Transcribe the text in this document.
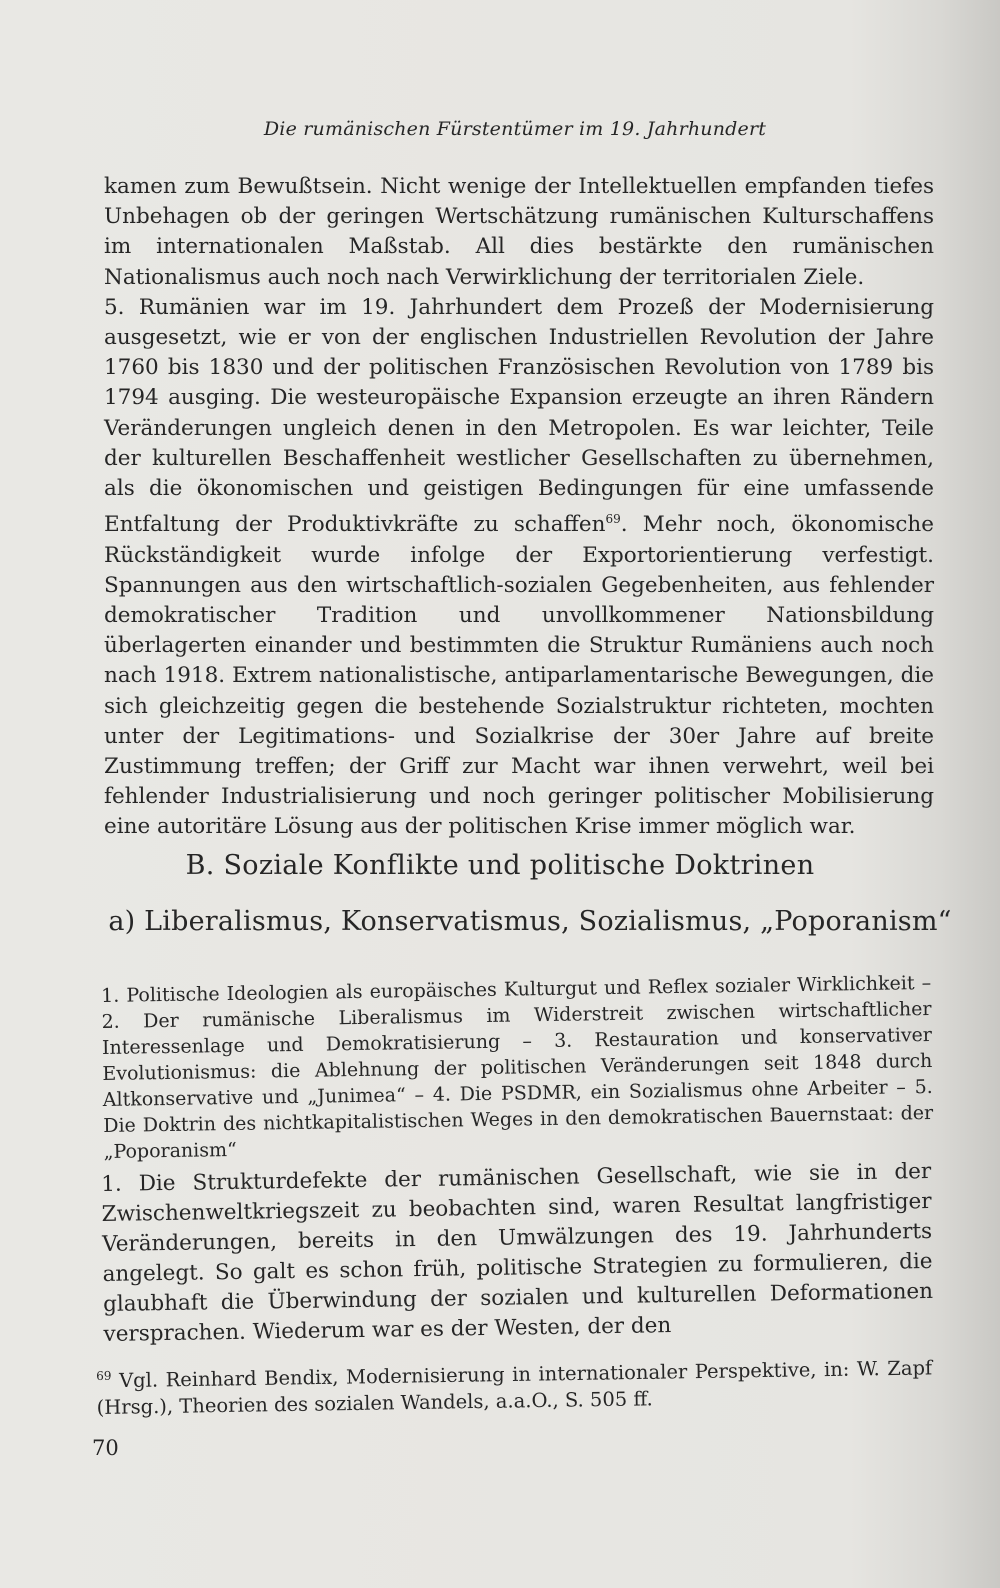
Die rumänischen Fürstentümer im 19. Jahrhundert

kamen zum Bewußtsein. Nicht wenige der Intellektuellen empfanden tiefes Unbehagen ob der geringen Wertschätzung rumänischen Kulturschaffens im internationalen Maßstab. All dies bestärkte den rumänischen Nationalismus auch noch nach Verwirklichung der territorialen Ziele.

5. Rumänien war im 19. Jahrhundert dem Prozeß der Modernisierung ausgesetzt, wie er von der englischen Industriellen Revolution der Jahre 1760 bis 1830 und der politischen Französischen Revolution von 1789 bis 1794 ausging. Die westeuropäische Expansion erzeugte an ihren Rändern Veränderungen ungleich denen in den Metropolen. Es war leichter, Teile der kulturellen Beschaffenheit westlicher Gesellschaften zu übernehmen, als die ökonomischen und geistigen Bedingungen für eine umfassende Entfaltung der Produktivkräfte zu schaffen$^{69}$. Mehr noch, ökonomische Rückständigkeit wurde infolge der Exportorientierung verfestigt. Spannungen aus den wirtschaftlich-sozialen Gegebenheiten, aus fehlender demokratischer Tradition und unvollkommener Nationsbildung überlagerten einander und bestimmten die Struktur Rumäniens auch noch nach 1918. Extrem nationalistische, antiparlamentarische Bewegungen, die sich gleichzeitig gegen die bestehende Sozialstruktur richteten, mochten unter der Legitimations- und Sozialkrise der 30er Jahre auf breite Zustimmung treffen; der Griff zur Macht war ihnen verwehrt, weil bei fehlender Industrialisierung und noch geringer politischer Mobilisierung eine autoritäre Lösung aus der politischen Krise immer möglich war.

B. Soziale Konflikte und politische Doktrinen
a) Liberalismus, Konservatismus, Sozialismus, „Poporanism“

1. Politische Ideologien als europäisches Kulturgut und Reflex sozialer Wirklichkeit – 2. Der rumänische Liberalismus im Widerstreit zwischen wirtschaftlicher Interessenlage und Demokratisierung – 3. Restauration und konservativer Evolutionismus: die Ablehnung der politischen Veränderungen seit 1848 durch Altkonservative und „Junimea“ – 4. Die PSDMR, ein Sozialismus ohne Arbeiter – 5. Die Doktrin des nichtkapitalistischen Weges in den demokratischen Bauernstaat: der „Poporanism“

1. Die Strukturdefekte der rumänischen Gesellschaft, wie sie in der Zwischenweltkriegszeit zu beobachten sind, waren Resultat langfristiger Veränderungen, bereits in den Umwälzungen des 19. Jahrhunderts angelegt. So galt es schon früh, politische Strategien zu formulieren, die glaubhaft die Überwindung der sozialen und kulturellen Deformationen versprachen. Wiederum war es der Westen, der den

$^{69}$ Vgl. Reinhard Bendix, Modernisierung in internationaler Perspektive, in: W. Zapf (Hrsg.), Theorien des sozialen Wandels, a.a.O., S. 505 ff.

70
